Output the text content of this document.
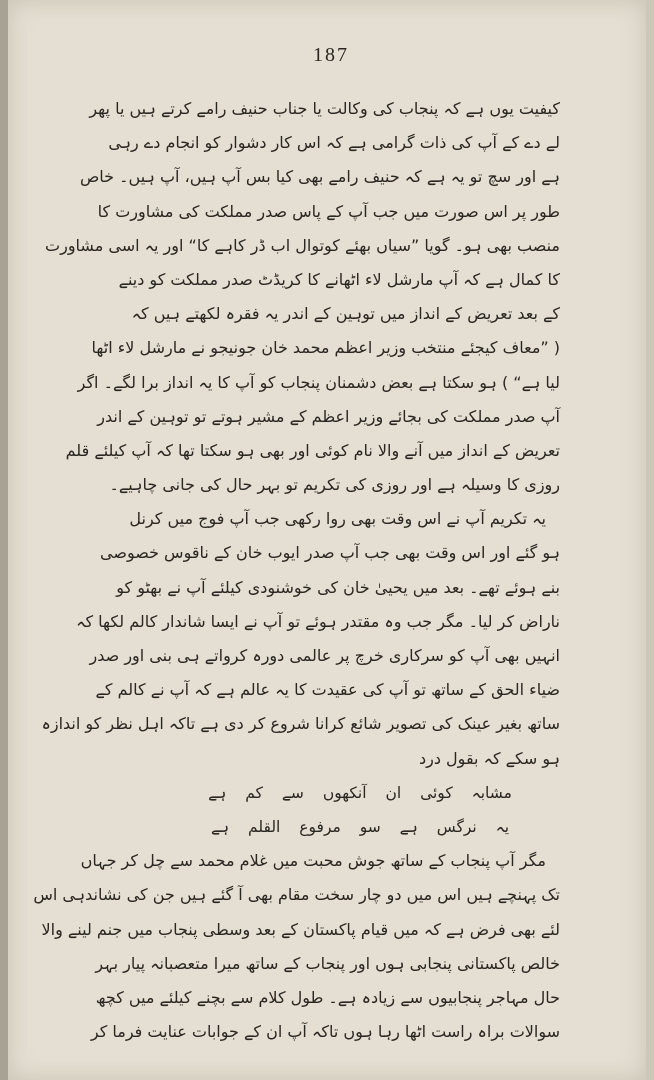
187
کیفیت یوں ہے کہ پنجاب کی وکالت یا جناب حنیف رامے کرتے ہیں یا پھر
لے دے کے آپ کی ذات گرامی ہے کہ اس کار دشوار کو انجام دے رہی
ہے اور سچ تو یہ ہے کہ حنیف رامے بھی کیا بس آپ ہیں، آپ ہیں۔ خاص
طور پر اس صورت میں جب آپ کے پاس صدر مملکت کی مشاورت کا
منصب بھی ہو۔ گویا ”سیاں بھئے کوتوال اب ڈر کاہے کا“ اور یہ اسی مشاورت
کا کمال ہے کہ آپ مارشل لاء اٹھانے کا کریڈٹ صدر مملکت کو دینے
کے بعد تعریض کے انداز میں توہین کے اندر یہ فقرہ لکھتے ہیں کہ
( ”معاف کیجئے منتخب وزیر اعظم محمد خان جونیجو نے مارشل لاء اٹھا
لیا ہے“ ) ہو سکتا ہے بعض دشمنان پنجاب کو آپ کا یہ انداز برا لگے۔ اگر
آپ صدر مملکت کی بجائے وزیر اعظم کے مشیر ہوتے تو توہین کے اندر
تعریض کے انداز میں آنے والا نام کوئی اور بھی ہو سکتا تھا کہ آپ کیلئے قلم
روزی کا وسیلہ ہے اور روزی کی تکریم تو بہر حال کی جانی چاہیے۔
یہ تکریم آپ نے اس وقت بھی روا رکھی جب آپ فوج میں کرنل
ہو گئے اور اس وقت بھی جب آپ صدر ایوب خان کے ناقوس خصوصی
بنے ہوئے تھے۔ بعد میں یحییٰ خان کی خوشنودی کیلئے آپ نے بھٹو کو
ناراض کر لیا۔ مگر جب وہ مقتدر ہوئے تو آپ نے ایسا شاندار کالم لکھا کہ
انہیں بھی آپ کو سرکاری خرچ پر عالمی دورہ کرواتے ہی بنی اور صدر
ضیاء الحق کے ساتھ تو آپ کی عقیدت کا یہ عالم ہے کہ آپ نے کالم کے
ساتھ بغیر عینک کی تصویر شائع کرانا شروع کر دی ہے تاکہ اہل نظر کو اندازہ
ہو سکے کہ بقول درد
مشابہ کوئی ان آنکھوں سے کم ہے
یہ نرگس ہے سو مرفوع القلم ہے
مگر آپ پنجاب کے ساتھ جوش محبت میں غلام محمد سے چل کر جہاں
تک پہنچے ہیں اس میں دو چار سخت مقام بھی آ گئے ہیں جن کی نشاندہی اس
لئے بھی فرض ہے کہ میں قیام پاکستان کے بعد وسطی پنجاب میں جنم لینے والا
خالص پاکستانی پنجابی ہوں اور پنجاب کے ساتھ میرا متعصبانہ پیار بہر
حال مہاجر پنجابیوں سے زیادہ ہے۔ طول کلام سے بچنے کیلئے میں کچھ
سوالات براہ راست اٹھا رہا ہوں تاکہ آپ ان کے جوابات عنایت فرما کر
